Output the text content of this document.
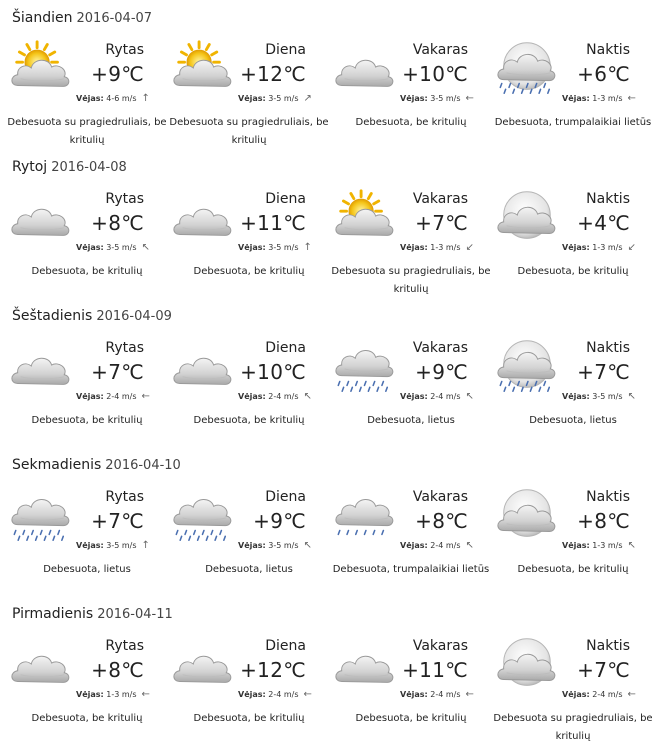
Šiandien 2016-04-07
Rytas
+9℃
Vėjas: 4-6 m/s ↑
Debesuota su pragiedruliais, be kritulių
Diena
+12℃
Vėjas: 3-5 m/s ↗
Debesuota su pragiedruliais, be kritulių
Vakaras
+10℃
Vėjas: 3-5 m/s ←
Debesuota, be kritulių
Naktis
+6℃
Vėjas: 1-3 m/s ←
Debesuota, trumpalaikiai lietūs
Rytoj 2016-04-08
Rytas
+8℃
Vėjas: 3-5 m/s ↖
Debesuota, be kritulių
Diena
+11℃
Vėjas: 3-5 m/s ↑
Debesuota, be kritulių
Vakaras
+7℃
Vėjas: 1-3 m/s ↙
Debesuota su pragiedruliais, be kritulių
Naktis
+4℃
Vėjas: 1-3 m/s ↙
Debesuota, be kritulių
Šeštadienis 2016-04-09
Rytas
+7℃
Vėjas: 2-4 m/s ←
Debesuota, be kritulių
Diena
+10℃
Vėjas: 2-4 m/s ↖
Debesuota, be kritulių
Vakaras
+9℃
Vėjas: 2-4 m/s ↖
Debesuota, lietus
Naktis
+7℃
Vėjas: 3-5 m/s ↖
Debesuota, lietus
Sekmadienis 2016-04-10
Rytas
+7℃
Vėjas: 3-5 m/s ↑
Debesuota, lietus
Diena
+9℃
Vėjas: 3-5 m/s ↖
Debesuota, lietus
Vakaras
+8℃
Vėjas: 2-4 m/s ↖
Debesuota, trumpalaikiai lietūs
Naktis
+8℃
Vėjas: 1-3 m/s ↖
Debesuota, be kritulių
Pirmadienis 2016-04-11
Rytas
+8℃
Vėjas: 1-3 m/s ←
Debesuota, be kritulių
Diena
+12℃
Vėjas: 2-4 m/s ←
Debesuota, be kritulių
Vakaras
+11℃
Vėjas: 2-4 m/s ←
Debesuota, be kritulių
Naktis
+7℃
Vėjas: 2-4 m/s ←
Debesuota su pragiedruliais, be kritulių
